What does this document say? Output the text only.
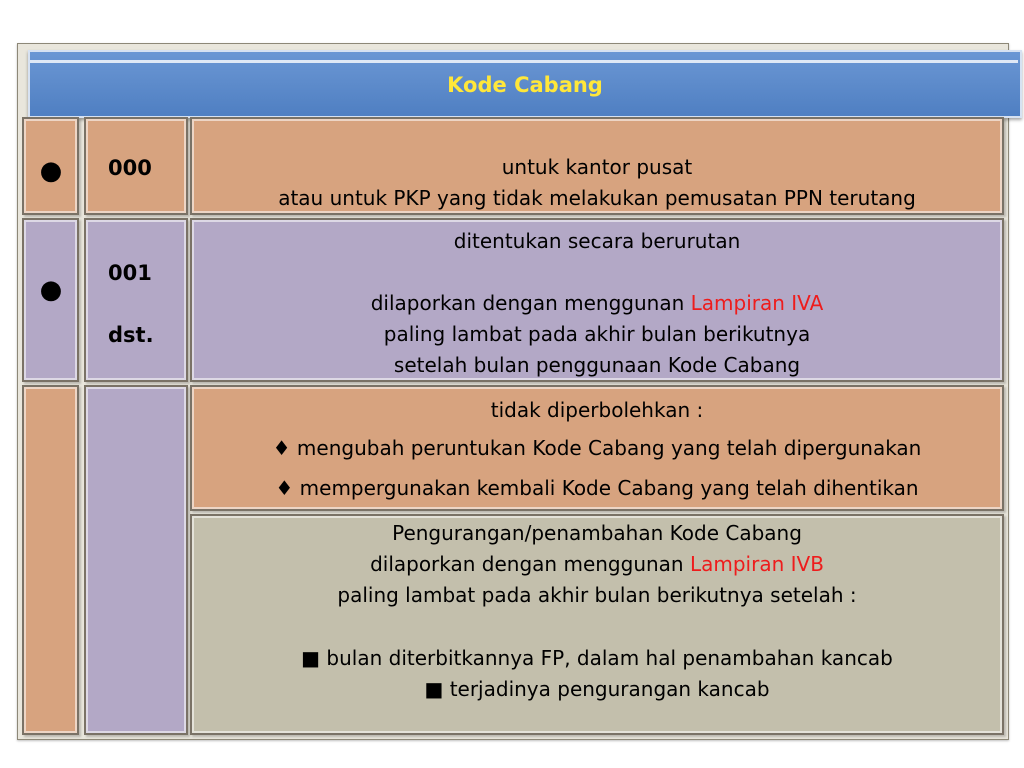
Kode Cabang
● 000	untuk kantor pusat
atau untuk PKP yang tidak melakukan pemusatan PPN terutang
●
001
dst.
ditentukan secara berurutan
dilaporkan dengan menggunan Lampiran IVA
paling lambat pada akhir bulan berikutnya
setelah bulan penggunaan Kode Cabang
tidak diperbolehkan :
♦ mengubah peruntukan Kode Cabang yang telah dipergunakan
♦ mempergunakan kembali Kode Cabang yang telah dihentikan
Pengurangan/penambahan Kode Cabang
dilaporkan dengan menggunan Lampiran IVB
paling lambat pada akhir bulan berikutnya setelah :
■ bulan diterbitkannya FP, dalam hal penambahan kancab
■ terjadinya pengurangan kancab
